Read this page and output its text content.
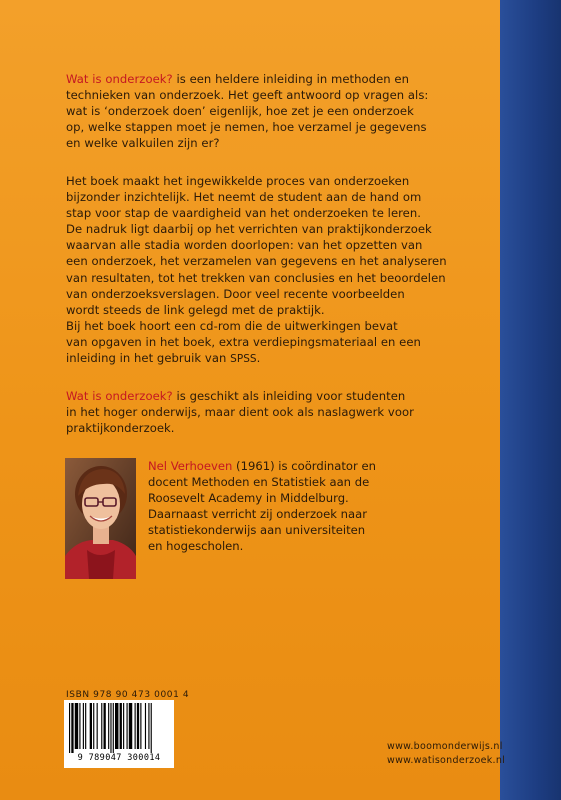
Wat is onderzoek? is een heldere inleiding in methoden en
technieken van onderzoek. Het geeft antwoord op vragen als:
wat is ‘onderzoek doen’ eigenlijk, hoe zet je een onderzoek
op, welke stappen moet je nemen, hoe verzamel je gegevens
en welke valkuilen zijn er?

Het boek maakt het ingewikkelde proces van onderzoeken
bijzonder inzichtelijk. Het neemt de student aan de hand om
stap voor stap de vaardigheid van het onderzoeken te leren.
De nadruk ligt daarbij op het verrichten van praktijkonderzoek
waarvan alle stadia worden doorlopen: van het opzetten van
een onderzoek, het verzamelen van gegevens en het analyseren
van resultaten, tot het trekken van conclusies en het beoordelen
van onderzoeksverslagen. Door veel recente voorbeelden
wordt steeds de link gelegd met de praktijk.
Bij het boek hoort een cd-rom die de uitwerkingen bevat
van opgaven in het boek, extra verdiepingsmateriaal en een
inleiding in het gebruik van SPSS.

Wat is onderzoek? is geschikt als inleiding voor studenten
in het hoger onderwijs, maar dient ook als naslagwerk voor
praktijkonderzoek.

Nel Verhoeven (1961) is coördinator en
docent Methoden en Statistiek aan de
Roosevelt Academy in Middelburg.
Daarnaast verricht zij onderzoek naar
statistiekonderwijs aan universiteiten
en hogescholen.
ISBN 978 90 473 0001 4
9 789047 300014
www.boomonderwijs.nl
www.watisonderzoek.nl
